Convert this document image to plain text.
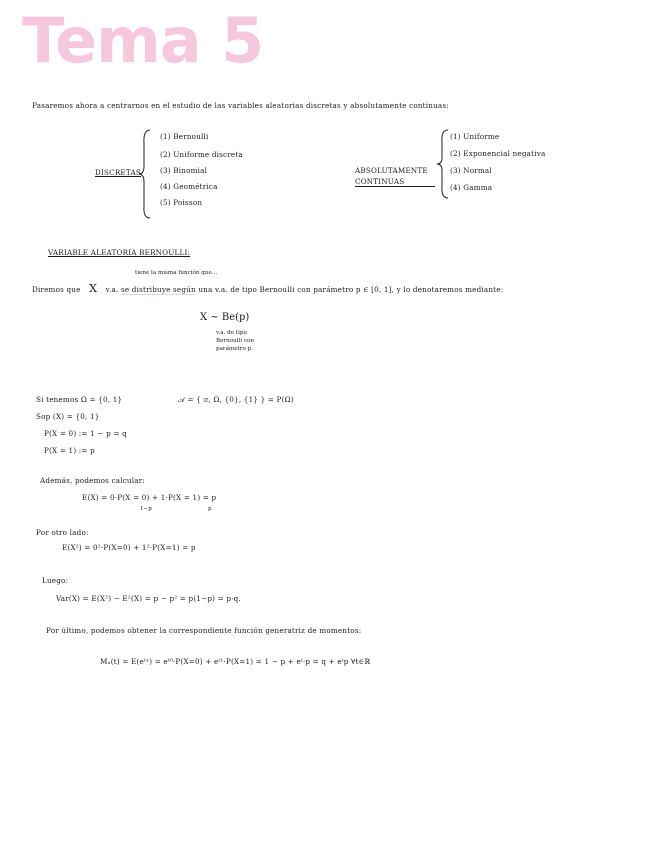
Tema 5
Pasaremos ahora a centrarnos en el estudio de las variables aleatorias discretas y absolutamente continuas:
DISCRETAS
(1) Bernoulli
(2) Uniforme discreta
(3) Binomial
(4) Geométrica
(5) Poisson
ABSOLUTAMENTE
CONTINUAS
(1) Uniforme
(2) Exponencial negativa
(3) Normal
(4) Gamma
VARIABLE ALEATORIA BERNOULLI:
tiene la misma función que...
Diremos que X v.a. se distribuye según una v.a. de tipo Bernoulli con parámetro p ∈ [0, 1], y lo denotaremos mediante:
X ~ Be(p)
v.a. de tipo
Bernoulli con
parámetro p.
Si tenemos Ω = {0, 1}	𝒜 = { ∅, Ω, {0}, {1} } = P(Ω)
Sop (X) = {0, 1}
P(X = 0) := 1 − p = q
P(X = 1) := p
Además, podemos calcular:
E(X) = 0·P(X = 0) + 1·P(X = 1) = p
1−p	p
Por otro lado:
E(X²) = 0²·P(X=0) + 1²·P(X=1) = p
Luego:
Var(X) = E(X²) − E²(X) = p − p² = p(1−p) = p·q.
Por último, podemos obtener la correspondiente función generatriz de momentos:
Mₓ(t) = E(eᵗˣ) = eᵗ⁰·P(X=0) + eᵗ¹·P(X=1) = 1 − p + eᵗ·p = q + eᵗp ∀t∈ℝ
